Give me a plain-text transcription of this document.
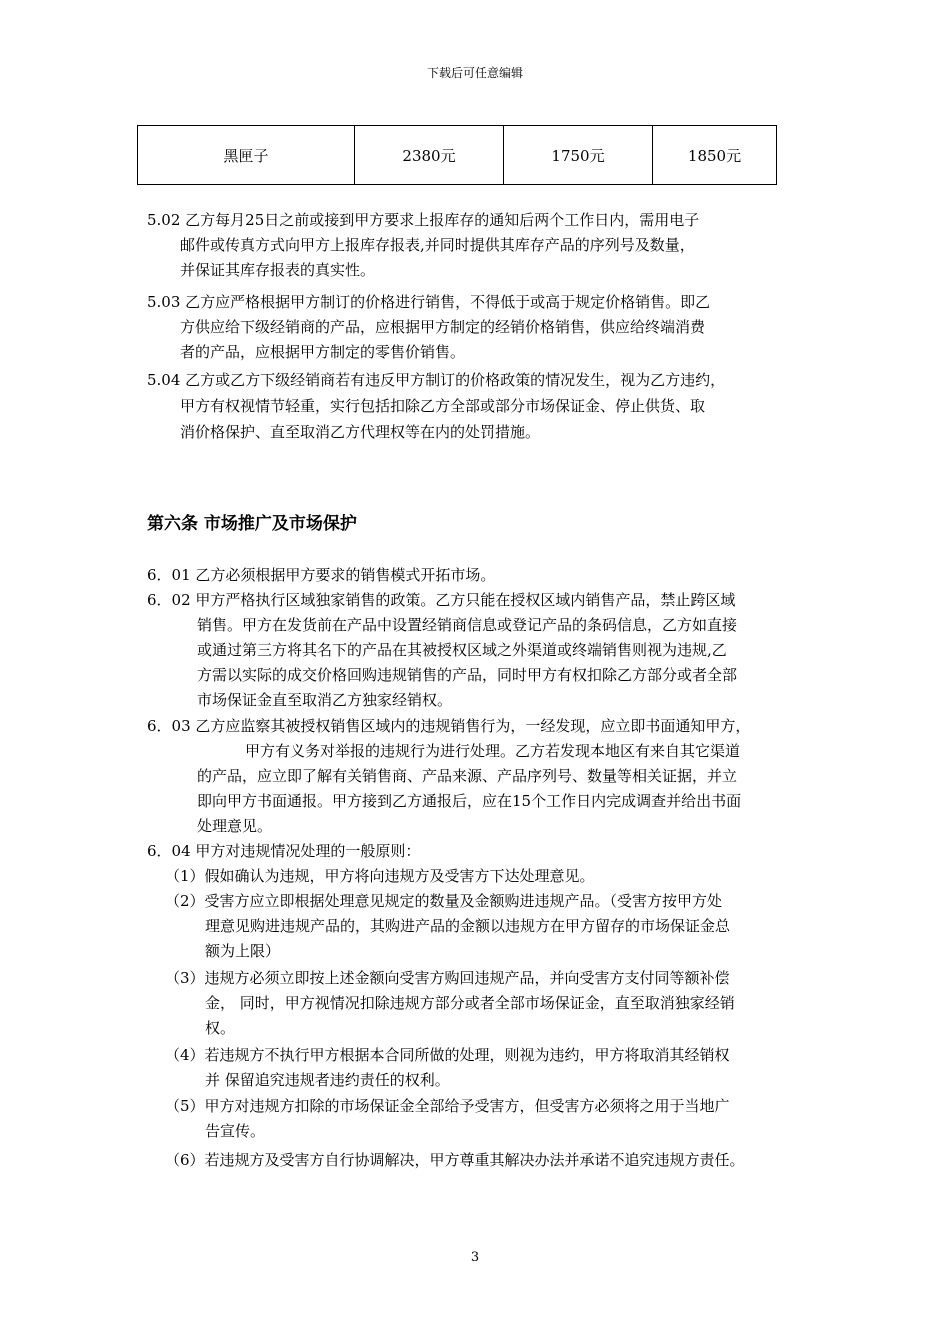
下载后可任意编辑
黑匣子	2380元	1750元	1850元
5.02 乙方每月25日之前或接到甲方要求上报库存的通知后两个工作日内，需用电子
邮件或传真方式向甲方上报库存报表,并同时提供其库存产品的序列号及数量，
并保证其库存报表的真实性。
5.03 乙方应严格根据甲方制订的价格进行销售，不得低于或高于规定价格销售。即乙
方供应给下级经销商的产品，应根据甲方制定的经销价格销售，供应给终端消费
者的产品，应根据甲方制定的零售价销售。
5.04 乙方或乙方下级经销商若有违反甲方制订的价格政策的情况发生，视为乙方违约，
甲方有权视情节轻重，实行包括扣除乙方全部或部分市场保证金、停止供货、取
消价格保护、直至取消乙方代理权等在内的处罚措施。
第六条 市场推广及市场保护
6．01 乙方必须根据甲方要求的销售模式开拓市场。
6．02 甲方严格执行区域独家销售的政策。乙方只能在授权区域内销售产品，禁止跨区域
销售。甲方在发货前在产品中设置经销商信息或登记产品的条码信息，乙方如直接
或通过第三方将其名下的产品在其被授权区域之外渠道或终端销售则视为违规,乙
方需以实际的成交价格回购违规销售的产品，同时甲方有权扣除乙方部分或者全部
市场保证金直至取消乙方独家经销权。
6．03 乙方应监察其被授权销售区域内的违规销售行为，一经发现，应立即书面通知甲方，
甲方有义务对举报的违规行为进行处理。乙方若发现本地区有来自其它渠道
的产品，应立即了解有关销售商、产品来源、产品序列号、数量等相关证据，并立
即向甲方书面通报。甲方接到乙方通报后，应在15个工作日内完成调查并给出书面
处理意见。
6．04 甲方对违规情况处理的一般原则：
（1）假如确认为违规，甲方将向违规方及受害方下达处理意见。
（2）受害方应立即根据处理意见规定的数量及金额购进违规产品。（受害方按甲方处
理意见购进违规产品的，其购进产品的金额以违规方在甲方留存的市场保证金总
额为上限）
（3）违规方必须立即按上述金额向受害方购回违规产品，并向受害方支付同等额补偿
金， 同时，甲方视情况扣除违规方部分或者全部市场保证金，直至取消独家经销
权。
（4）若违规方不执行甲方根据本合同所做的处理，则视为违约，甲方将取消其经销权
并 保留追究违规者违约责任的权利。
（5）甲方对违规方扣除的市场保证金全部给予受害方，但受害方必须将之用于当地广
告宣传。
（6）若违规方及受害方自行协调解决，甲方尊重其解决办法并承诺不追究违规方责任。
3
